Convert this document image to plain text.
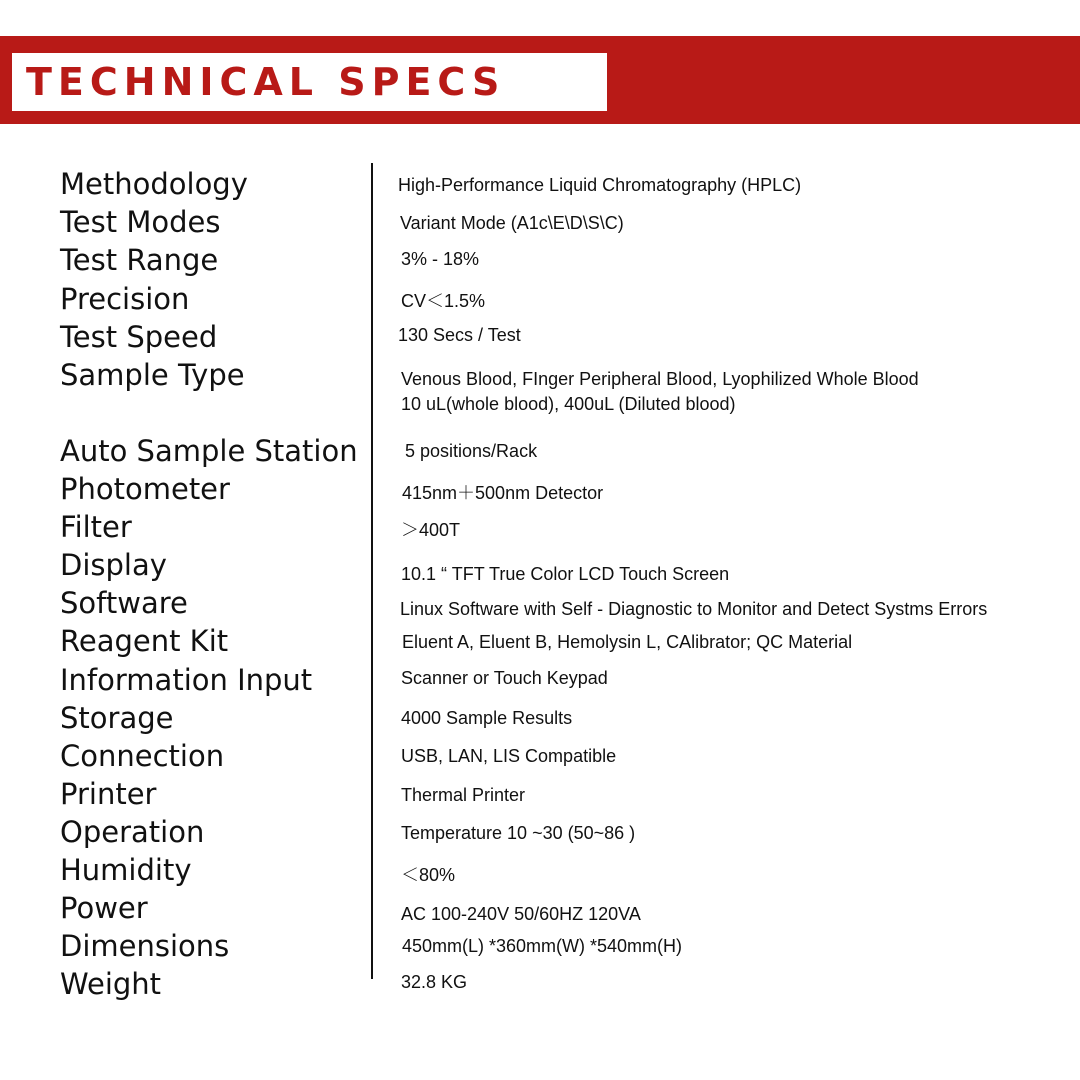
TECHNICAL SPECS
Methodology
Test Modes
Test Range
Precision
Test Speed
Sample Type
Auto Sample Station
Photometer
Filter
Display
Software
Reagent Kit
Information Input
Storage
Connection
Printer
Operation
Humidity
Power
Dimensions
Weight
High-Performance Liquid Chromatography (HPLC)
Variant Mode (A1c\E\D\S\C)
3% - 18%
CV＜1.5%
130 Secs / Test
Venous Blood, FInger Peripheral Blood, Lyophilized Whole Blood
10 uL(whole blood), 400uL (Diluted blood)
5 positions/Rack
415nm＋500nm Detector
＞400T
10.1 “ TFT True Color LCD Touch Screen
Linux Software with Self - Diagnostic to Monitor and Detect Systms Errors
Eluent A, Eluent B, Hemolysin L, CAlibrator; QC Material
Scanner or Touch Keypad
4000 Sample Results
USB, LAN, LIS Compatible
Thermal Printer
Temperature 10 ~30 (50~86 )
＜80%
AC 100-240V 50/60HZ 120VA
450mm(L) *360mm(W) *540mm(H)
32.8 KG
